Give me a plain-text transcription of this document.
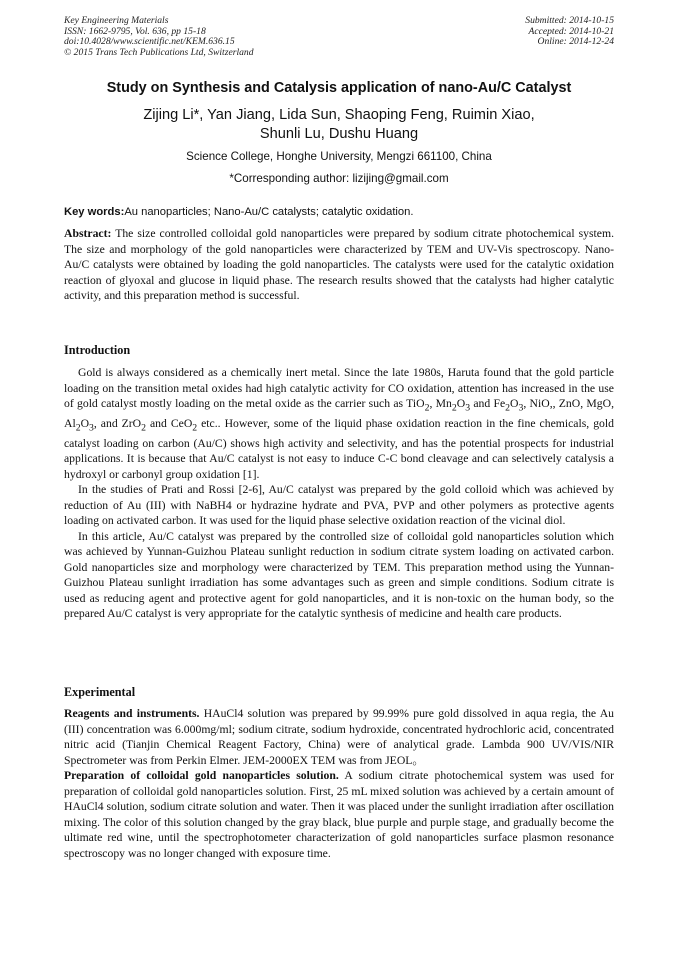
Key Engineering Materials
ISSN: 1662-9795, Vol. 636, pp 15-18
doi:10.4028/www.scientific.net/KEM.636.15
© 2015 Trans Tech Publications Ltd, Switzerland
Submitted: 2014-10-15
Accepted: 2014-10-21
Online: 2014-12-24
Study on Synthesis and Catalysis application of nano-Au/C Catalyst
Zijing Li*, Yan Jiang, Lida Sun, Shaoping Feng, Ruimin Xiao,
Shunli Lu, Dushu Huang
Science College, Honghe University, Mengzi 661100, China
*Corresponding author: lizijing@gmail.com
Key words:Au nanoparticles; Nano-Au/C catalysts; catalytic oxidation.

Abstract: The size controlled colloidal gold nanoparticles were prepared by sodium citrate photochemical system. The size and morphology of the gold nanoparticles were characterized by TEM and UV-Vis spectroscopy. Nano-Au/C catalysts were obtained by loading the gold nanoparticles. The catalysts were used for the catalytic oxidation reaction of glyoxal and glucose in liquid phase. The research results showed that the catalysts had higher catalytic activity, and this preparation method is successful.

Introduction

Gold is always considered as a chemically inert metal. Since the late 1980s, Haruta found that the gold particle loading on the transition metal oxides had high catalytic activity for CO oxidation, attention has increased in the use of gold catalyst mostly loading on the metal oxide as the carrier such as TiO$_2$, $Mn_2O_3$ and $Fe_2O_3$, NiO,, ZnO, MgO, $Al_2O_3$, and ZrO$_2$ and CeO$_2$ etc.. However, some of the liquid phase oxidation reaction in the fine chemicals, gold catalyst loading on carbon (Au/C) shows high activity and selectivity, and has the potential prospects for industrial applications. It is because that Au/C catalyst is not easy to induce C-C bond cleavage and can selectively catalysis a hydroxyl or carbonyl group oxidation [1].

In the studies of Prati and Rossi [2-6], Au/C catalyst was prepared by the gold colloid which was achieved by reduction of Au (III) with NaBH4 or hydrazine hydrate and PVA, PVP and other polymers as protective agents loading on activated carbon. It was used for the liquid phase selective oxidation reaction of the vicinal diol.

In this article, Au/C catalyst was prepared by the controlled size of colloidal gold nanoparticles solution which was achieved by Yunnan-Guizhou Plateau sunlight reduction in sodium citrate system loading on activated carbon. Gold nanoparticles size and morphology were characterized by TEM. This preparation method using the Yunnan-Guizhou Plateau sunlight irradiation has some advantages such as green and simple conditions. Sodium citrate is used as reducing agent and protective agent for gold nanoparticles, and it is non-toxic on the human body, so the prepared Au/C catalyst is very appropriate for the catalytic synthesis of medicine and health care products.

Experimental

Reagents and instruments. HAuCl4 solution was prepared by 99.99% pure gold dissolved in aqua regia, the Au (III) concentration was 6.000mg/ml; sodium citrate, sodium hydroxide, concentrated hydrochloric acid, concentrated nitric acid (Tianjin Chemical Reagent Factory, China) were of analytical grade. Lambda 900 UV/VIS/NIR Spectrometer was from Perkin Elmer. JEM-2000EX TEM was from JEOL。

Preparation of colloidal gold nanoparticles solution. A sodium citrate photochemical system was used for preparation of colloidal gold nanoparticles solution. First, 25 mL mixed solution was achieved by a certain amount of HAuCl4 solution, sodium citrate solution and water. Then it was placed under the sunlight irradiation after oscillation mixing. The color of this solution changed by the gray black, blue purple and purple stage, and gradually become the ultimate red wine, until the spectrophotometer characterization of gold nanoparticles surface plasmon resonance spectroscopy was no longer changed with exposure time.
